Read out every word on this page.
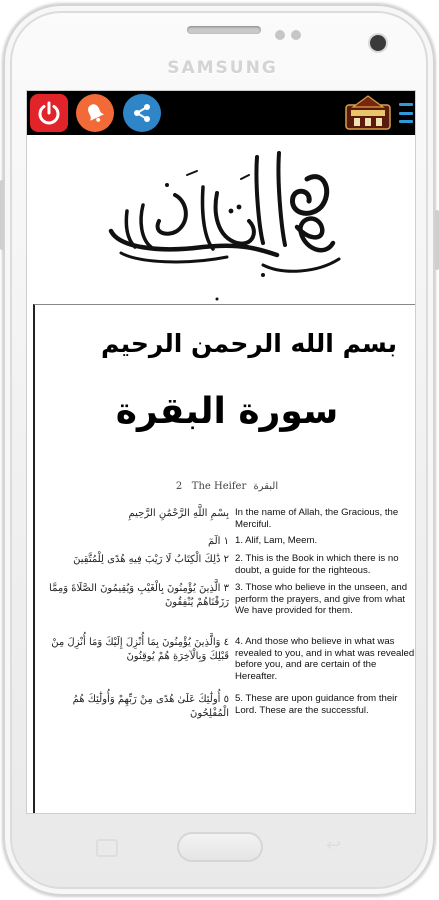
SAMSUNG
بسم الله الرحمن الرحيم
سورة البقرة
2 The Heifer البقرة
بِسْمِ اللَّهِ الرَّحْمَٰنِ الرَّحِيمِ In the name of Allah, the Gracious, the Merciful.
١ الٓمٓ 1. Alif, Lam, Meem.
٢ ذَٰلِكَ الْكِتَابُ لَا رَيْبَ فِيهِ هُدًى لِلْمُتَّقِينَ 2. This is the Book in which there is no doubt, a guide for the righteous.
٣ الَّذِينَ يُؤْمِنُونَ بِالْغَيْبِ وَيُقِيمُونَ الصَّلَاةَ وَمِمَّا رَزَقْنَاهُمْ يُنْفِقُونَ
3. Those who believe in the unseen, and perform the prayers, and give from what We have provided for them.
٤ وَالَّذِينَ يُؤْمِنُونَ بِمَا أُنْزِلَ إِلَيْكَ وَمَا أُنْزِلَ مِنْ قَبْلِكَ وَبِالْآخِرَةِ هُمْ يُوقِنُونَ
4. And those who believe in what was revealed to you, and in what was revealed before you, and are certain of the Hereafter.
٥ أُولَٰئِكَ عَلَىٰ هُدًى مِنْ رَبِّهِمْ وَأُولَٰئِكَ هُمُ الْمُفْلِحُونَ
5. These are upon guidance from their Lord. These are the successful.
↩
